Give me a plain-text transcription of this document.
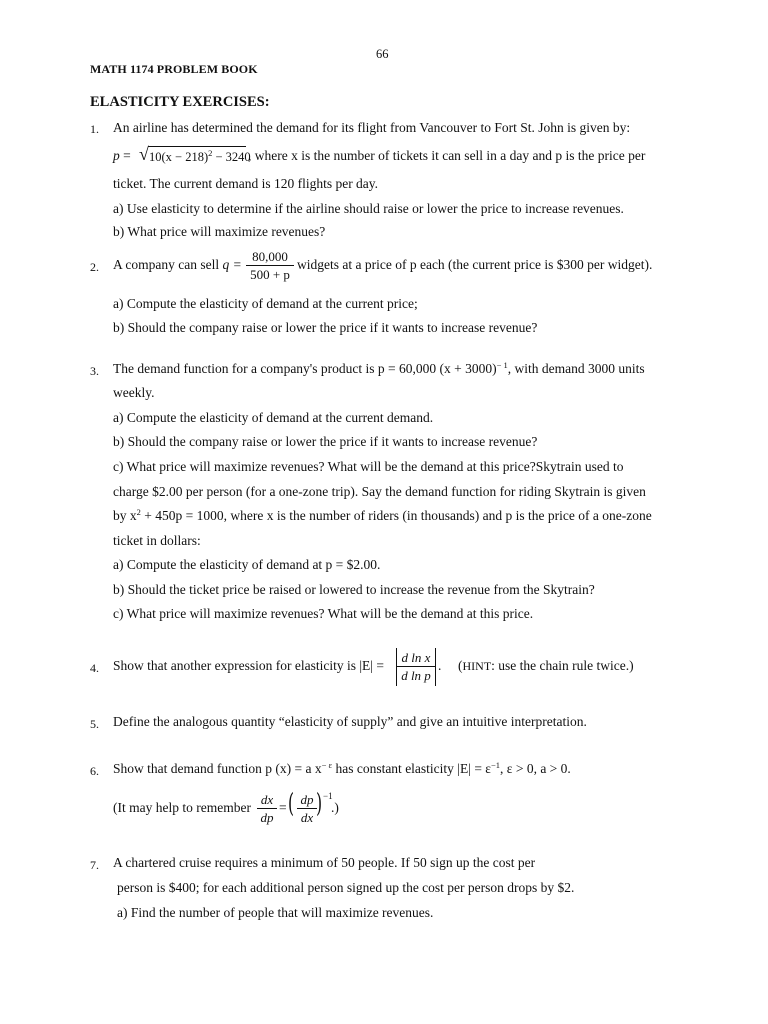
66
MATH 1174 PROBLEM BOOK
ELASTICITY EXERCISES:
1. An airline has determined the demand for its flight from Vancouver to Fort St. John is given by:
p = √ $10(x - 218)^2 - 3240$
, where x is the number of tickets it can sell in a day and p is the price per
ticket. The current demand is 120 flights per day.
a) Use elasticity to determine if the airline should raise or lower the price to increase revenues.
b) What price will maximize revenues?
2. A company can sell $q = \frac{80,000}{500 + p}$ widgets at a price of p each (the current price is $300 per widget).
a) Compute the elasticity of demand at the current price;
b) Should the company raise or lower the price if it wants to increase revenue?
3. The demand function for a company's product is p = 60,000 $(x + 3000)^{- 1}$, with demand 3000 units
weekly.
a) Compute the elasticity of demand at the current demand.
b) Should the company raise or lower the price if it wants to increase revenue?
c) What price will maximize revenues? What will be the demand at this price?Skytrain used to
charge $2.00 per person (for a one-zone trip). Say the demand function for riding Skytrain is given
by $x^2 + 450p = 1000$, where x is the number of riders (in thousands) and p is the price of a one-zone
ticket in dollars:
a) Compute the elasticity of demand at p = $2.00.
b) Should the ticket price be raised or lowered to increase the revenue from the Skytrain?
c) What price will maximize revenues? What will be the demand at this price.
4. Show that another expression for elasticity is $|E| = \frac{\text{d ln x}}{\text{d ln p}}$ . (HINT: use the chain rule twice.)
5. Define the analogous quantity “elasticity of supply” and give an intuitive interpretation.
6. Show that demand function p (x) = a $x^{- \varepsilon}$ has constant elasticity $|E| = \varepsilon^{-1}$, ε > 0, a > 0.
(It may help to remember $\frac{dx}{dp}$ = ( $\frac{dp}{dx}$ ) −1
.)
7. A chartered cruise requires a minimum of 50 people. If 50 sign up the cost per
person is $400; for each additional person signed up the cost per person drops by $2.
a) Find the number of people that will maximize revenues.
